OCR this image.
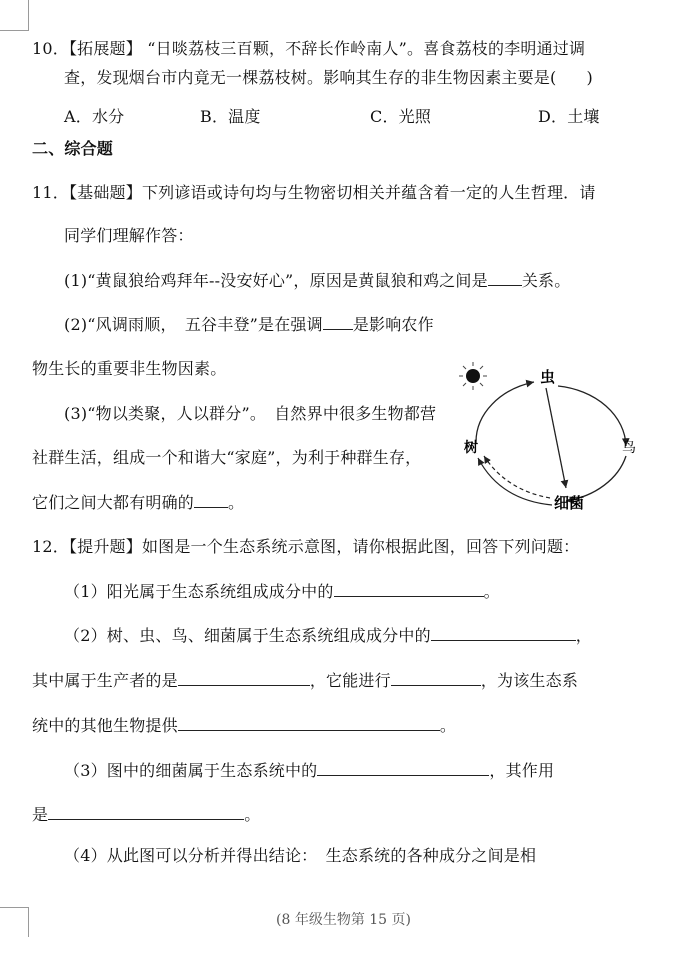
10．【拓展题】 “日啖荔枝三百颗，不辞长作岭南人”。喜食荔枝的李明通过调
查，发现烟台市内竟无一棵荔枝树。影响其生存的非生物因素主要是( )
A．水分	B．温度	C．光照	D．土壤
二、综合题
11．【基础题】下列谚语或诗句均与生物密切相关并蕴含着一定的人生哲理．请
同学们理解作答：
(1)“黄鼠狼给鸡拜年--没安好心”，原因是黄鼠狼和鸡之间是 关系。
(2)“风调雨顺，　五谷丰登”是在强调 是影响农作
物生长的重要非生物因素。
(3)“物以类聚，人以群分”。　自然界中很多生物都营
社群生活，组成一个和谐大“家庭”，为利于种群生存，
它们之间大都有明确的 。
虫
鸟
树
细菌
12．【提升题】如图是一个生态系统示意图，请你根据此图，回答下列问题：
（1）阳光属于生态系统组成成分中的	。
（2）树、虫、鸟、细菌属于生态系统组成成分中的	，
其中属于生产者的是	，它能进行	，为该生态系
统中的其他生物提供	。
（3）图中的细菌属于生态系统中的	，其作用
是	。
（4）从此图可以分析并得出结论：　生态系统的各种成分之间是相
(8 年级生物第 15 页)
